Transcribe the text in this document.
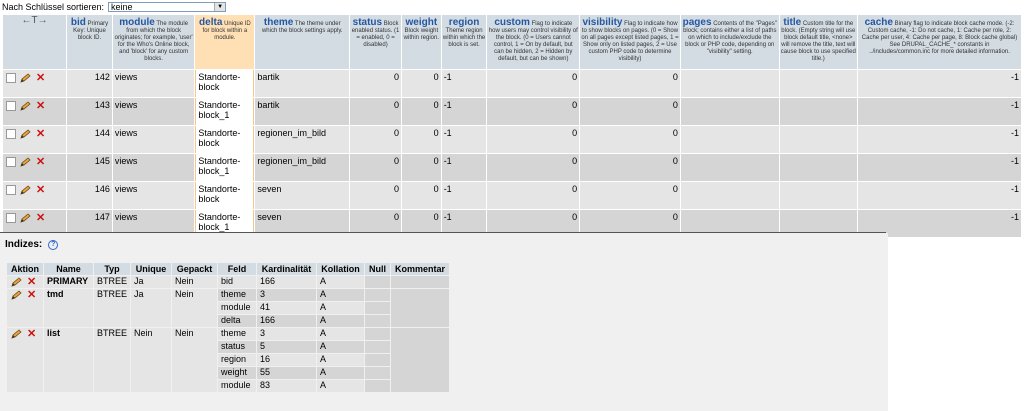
Nach Schlüssel sortieren: keine	▼
←T→	bid Primary Key: Unique block ID.	module The module from which the block originates; for example, 'user' for the Who's Online block, and 'block' for any custom blocks.	delta Unique ID for block within a module.	theme The theme under which the block settings apply.	status Block enabled status. (1 = enabled, 0 = disabled)	weight Block weight within region.	region Theme region within which the block is set.	custom Flag to indicate how users may control visibility of the block. (0 = Users cannot control, 1 = On by default, but can be hidden, 2 = Hidden by default, but can be shown)	visibility Flag to indicate how to show blocks on pages. (0 = Show on all pages except listed pages, 1 = Show only on listed pages, 2 = Use custom PHP code to determine visibility)	pages Contents of the "Pages" block; contains either a list of paths on which to include/exclude the block or PHP code, depending on "visibility" setting.	title Custom title for the block. (Empty string will use block default title, <none> will remove the title, text will cause block to use specified title.)	cache Binary flag to indicate block cache mode. (-2: Custom cache, -1: Do not cache, 1: Cache per role, 2: Cache per user, 4: Cache per page, 8: Block cache global) See DRUPAL_CACHE_* constants in ../includes/common.inc for more detailed information.
✕	142	views	Standorte-block	bartik	0	0	-1	0	0			-1
✕	143	views	Standorte-block_1	bartik	0	0	-1	0	0			-1
✕	144	views	Standorte-block	regionen_im_bild	0	0	-1	0	0			-1
✕	145	views	Standorte-block_1	regionen_im_bild	0	0	-1	0	0			-1
✕	146	views	Standorte-block	seven	0	0	-1	0	0			-1
✕	147	views	Standorte-block_1	seven	0	0	-1	0	0			-1
Indizes:	?
Aktion	Name	Typ	Unique	Gepackt	Feld	Kardinalität	Kollation	Null	Kommentar
✕	PRIMARY	BTREE	Ja	Nein	bid	166	A		
✕	tmd	BTREE	Ja	Nein	theme	3	A		
					module	41	A		
					delta	166	A		
✕	list	BTREE	Nein	Nein	theme	3	A		
					status	5	A		
					region	16	A		
					weight	55	A		
					module	83	A		
